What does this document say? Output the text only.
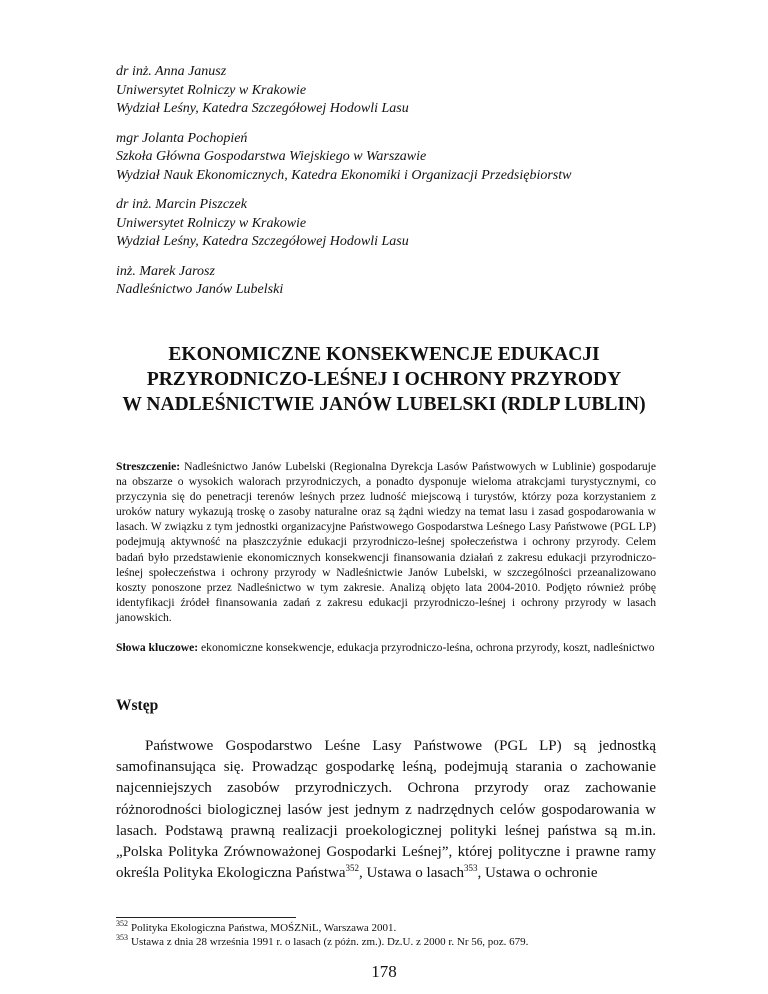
dr inż. Anna Janusz
Uniwersytet Rolniczy w Krakowie
Wydział Leśny, Katedra Szczegółowej Hodowli Lasu
mgr Jolanta Pochopień
Szkoła Główna Gospodarstwa Wiejskiego w Warszawie
Wydział Nauk Ekonomicznych, Katedra Ekonomiki i Organizacji Przedsiębiorstw
dr inż. Marcin Piszczek
Uniwersytet Rolniczy w Krakowie
Wydział Leśny, Katedra Szczegółowej Hodowli Lasu
inż. Marek Jarosz
Nadleśnictwo Janów Lubelski
EKONOMICZNE KONSEKWENCJE EDUKACJI
PRZYRODNICZO-LEŚNEJ I OCHRONY PRZYRODY
W NADLEŚNICTWIE JANÓW LUBELSKI (RDLP LUBLIN)
Streszczenie: Nadleśnictwo Janów Lubelski (Regionalna Dyrekcja Lasów Państwowych w Lublinie) gospodaruje na obszarze o wysokich walorach przyrodniczych, a ponadto dysponuje wieloma atrakcjami turystycznymi, co przyczynia się do penetracji terenów leśnych przez ludność miejscową i turystów, którzy poza korzystaniem z uroków natury wykazują troskę o zasoby naturalne oraz są żądni wiedzy na temat lasu i zasad gospodarowania w lasach. W związku z tym jednostki organizacyjne Państwowego Gospodarstwa Leśnego Lasy Państwowe (PGL LP) podejmują aktywność na płaszczyźnie edukacji przyrodniczo-leśnej społeczeństwa i ochrony przyrody. Celem badań było przedstawienie ekonomicznych konsekwencji finansowania działań z zakresu edukacji przyrodniczo-leśnej społeczeństwa i ochrony przyrody w Nadleśnictwie Janów Lubelski, w szczególności przeanalizowano koszty ponoszone przez Nadleśnictwo w tym zakresie. Analizą objęto lata 2004-2010. Podjęto również próbę identyfikacji źródeł finansowania zadań z zakresu edukacji przyrodniczo-leśnej i ochrony przyrody w lasach janowskich.
Słowa kluczowe: ekonomiczne konsekwencje, edukacja przyrodniczo-leśna, ochrona przyrody, koszt, nadleśnictwo
Wstęp
Państwowe Gospodarstwo Leśne Lasy Państwowe (PGL LP) są jednostką samofinansująca się. Prowadząc gospodarkę leśną, podejmują starania o zachowanie najcenniejszych zasobów przyrodniczych. Ochrona przyrody oraz zachowanie różnorodności biologicznej lasów jest jednym z nadrzędnych celów gospodarowania w lasach. Podstawą prawną realizacji proekologicznej polityki leśnej państwa są m.in. „Polska Polityka Zrównoważonej Gospodarki Leśnej”, której polityczne i prawne ramy określa Polityka Ekologiczna Państwa$^{352}$, Ustawa o lasach$^{353}$, Ustawa o ochronie
$^{352}$ Polityka Ekologiczna Państwa, MOŚZNiL, Warszawa 2001.
$^{353}$ Ustawa z dnia 28 września 1991 r. o lasach (z późn. zm.). Dz.U. z 2000 r. Nr 56, poz. 679.
178
